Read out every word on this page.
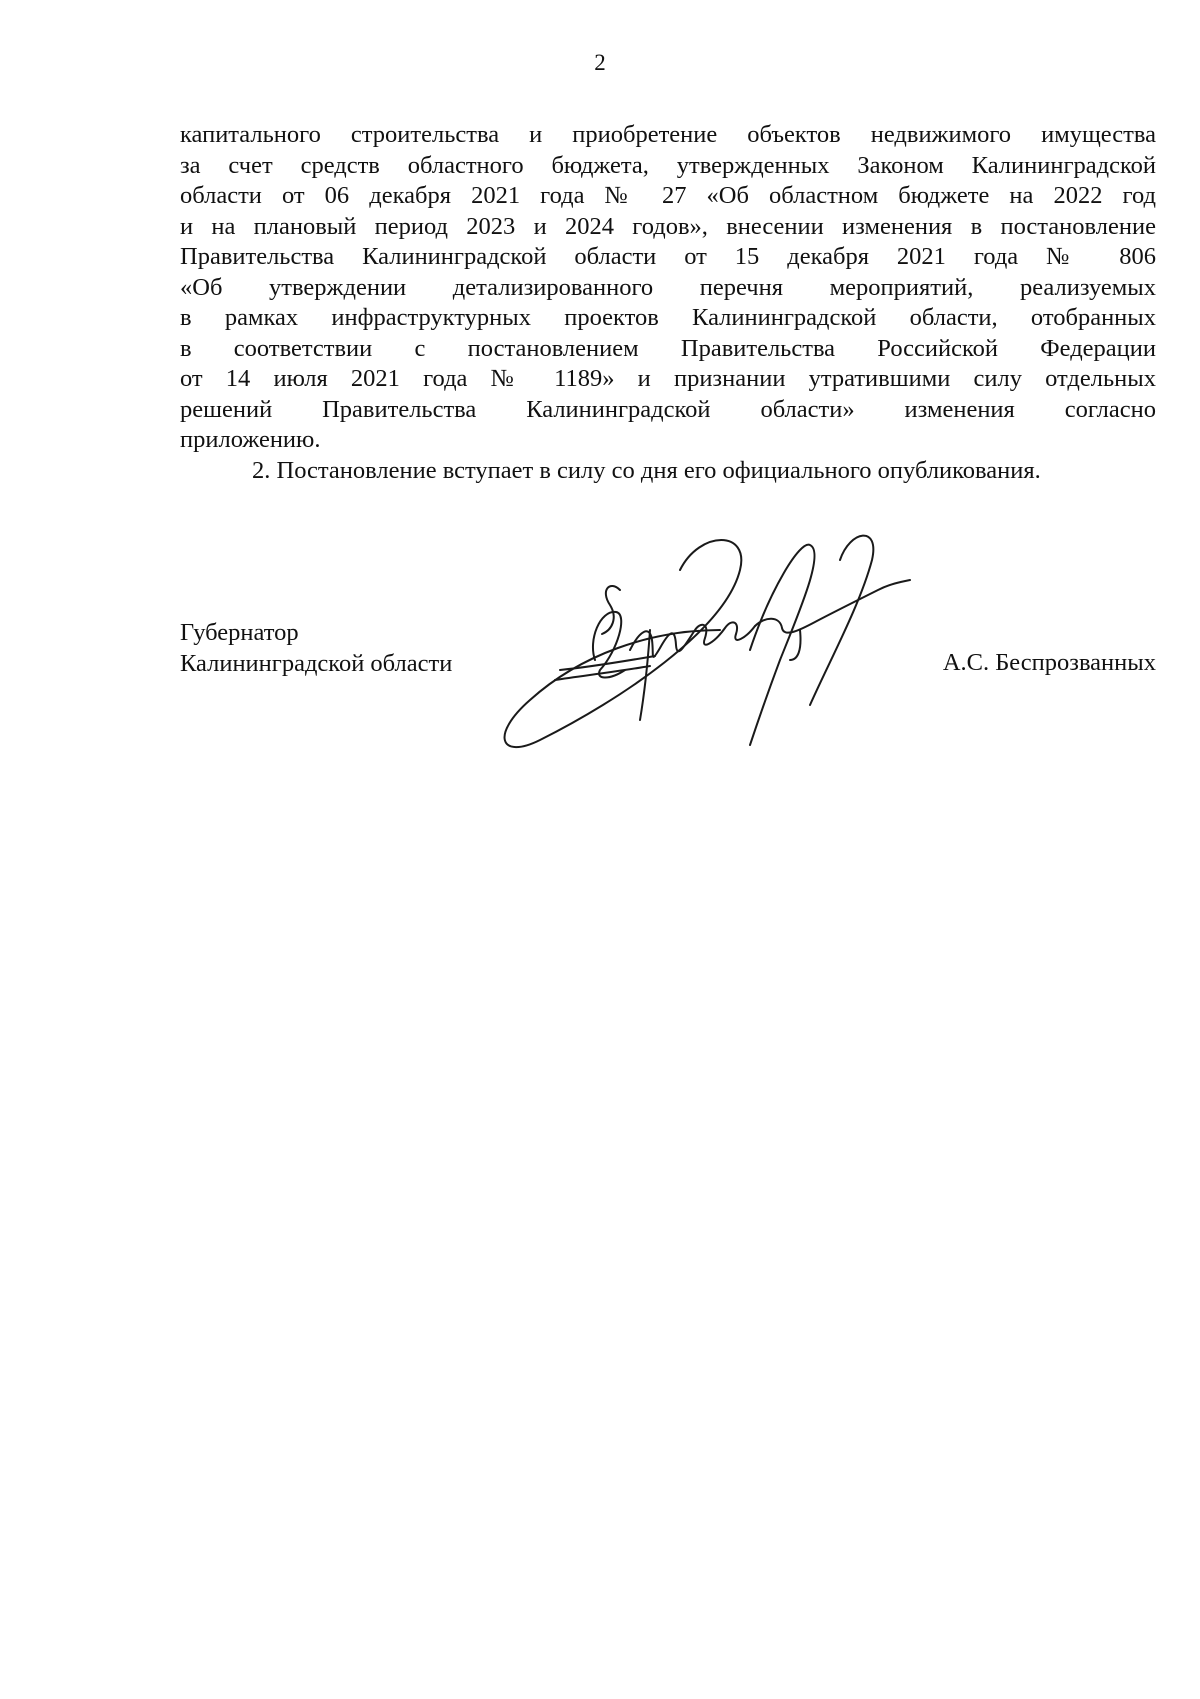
2

капитального строительства и приобретение объектов недвижимого имущества
за счет средств областного бюджета, утвержденных Законом Калининградской
области от 06 декабря 2021 года № 27 «Об областном бюджете на 2022 год
и на плановый период 2023 и 2024 годов», внесении изменения в постановление
Правительства Калининградской области от 15 декабря 2021 года № 806
«Об утверждении детализированного перечня мероприятий, реализуемых
в рамках инфраструктурных проектов Калининградской области, отобранных
в соответствии с постановлением Правительства Российской Федерации
от 14 июля 2021 года № 1189» и признании утратившими силу отдельных
решений Правительства Калининградской области» изменения согласно
приложению.

2. Постановление вступает в силу со дня его официального опубликования.

Губернатор
Калининградской области	А.С. Беспрозванных
